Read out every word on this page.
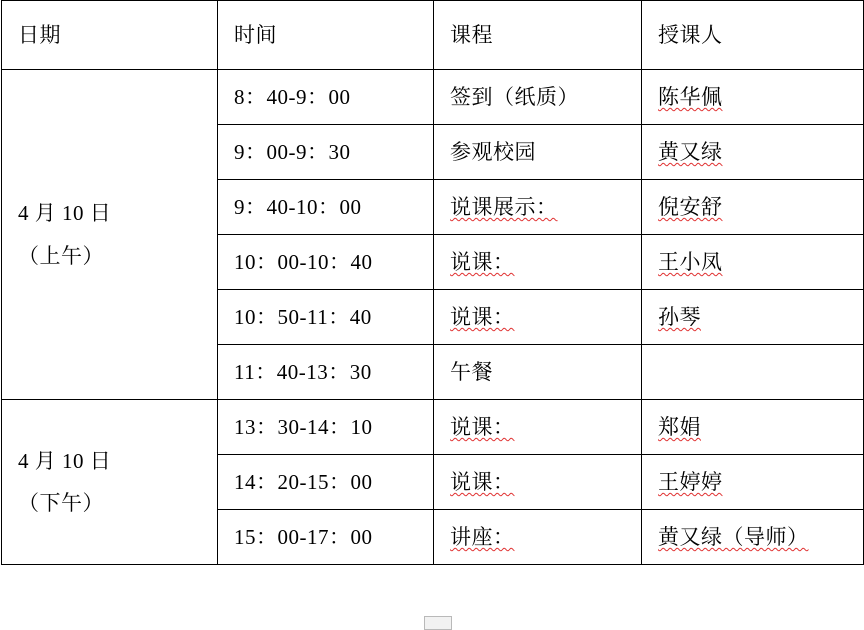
日期	时间	课程	授课人

4 月 10 日
（上午）	8：40-9：00	签到（纸质）	陈华佩
	9：00-9：30	参观校园	黄又绿
	9：40-10：00	说课展示：	倪安舒
	10：00-10：40	说课：	王小凤
	10：50-11：40	说课：	孙琴
	11：40-13：30	午餐	

4 月 10 日
（下午）	13：30-14：10	说课：	郑娟
	14：20-15：00	说课：	王婷婷
	15：00-17：00	讲座：	黄又绿（导师）
